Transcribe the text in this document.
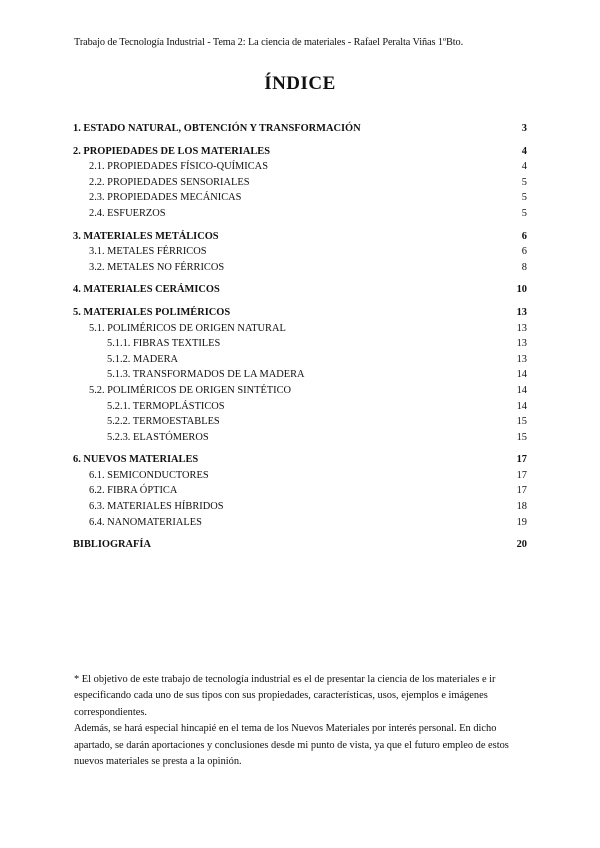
Trabajo de Tecnología Industrial - Tema 2: La ciencia de materiales - Rafael Peralta Viñas 1ºBto.
ÍNDICE
1. ESTADO NATURAL, OBTENCIÓN Y TRANSFORMACIÓN	3
2. PROPIEDADES DE LOS MATERIALES	4
2.1. PROPIEDADES FÍSICO-QUÍMICAS	4
2.2. PROPIEDADES SENSORIALES	5
2.3. PROPIEDADES MECÁNICAS	5
2.4. ESFUERZOS	5
3. MATERIALES METÁLICOS	6
3.1. METALES FÉRRICOS	6
3.2. METALES NO FÉRRICOS	8
4. MATERIALES CERÁMICOS	10
5. MATERIALES POLIMÉRICOS	13
5.1. POLIMÉRICOS DE ORIGEN NATURAL	13
5.1.1. FIBRAS TEXTILES	13
5.1.2. MADERA	13
5.1.3. TRANSFORMADOS DE LA MADERA	14
5.2. POLIMÉRICOS DE ORIGEN SINTÉTICO	14
5.2.1. TERMOPLÁSTICOS	14
5.2.2. TERMOESTABLES	15
5.2.3. ELASTÓMEROS	15
6. NUEVOS MATERIALES	17
6.1. SEMICONDUCTORES	17
6.2. FIBRA ÓPTICA	17
6.3. MATERIALES HÍBRIDOS	18
6.4. NANOMATERIALES	19
BIBLIOGRAFÍA	20

* El objetivo de este trabajo de tecnología industrial es el de presentar la ciencia de los materiales e ir especificando cada uno de sus tipos con sus propiedades, características, usos, ejemplos e imágenes correspondientes.

Además, se hará especial hincapié en el tema de los Nuevos Materiales por interés personal. En dicho apartado, se darán aportaciones y conclusiones desde mi punto de vista, ya que el futuro empleo de estos nuevos materiales se presta a la opinión.
